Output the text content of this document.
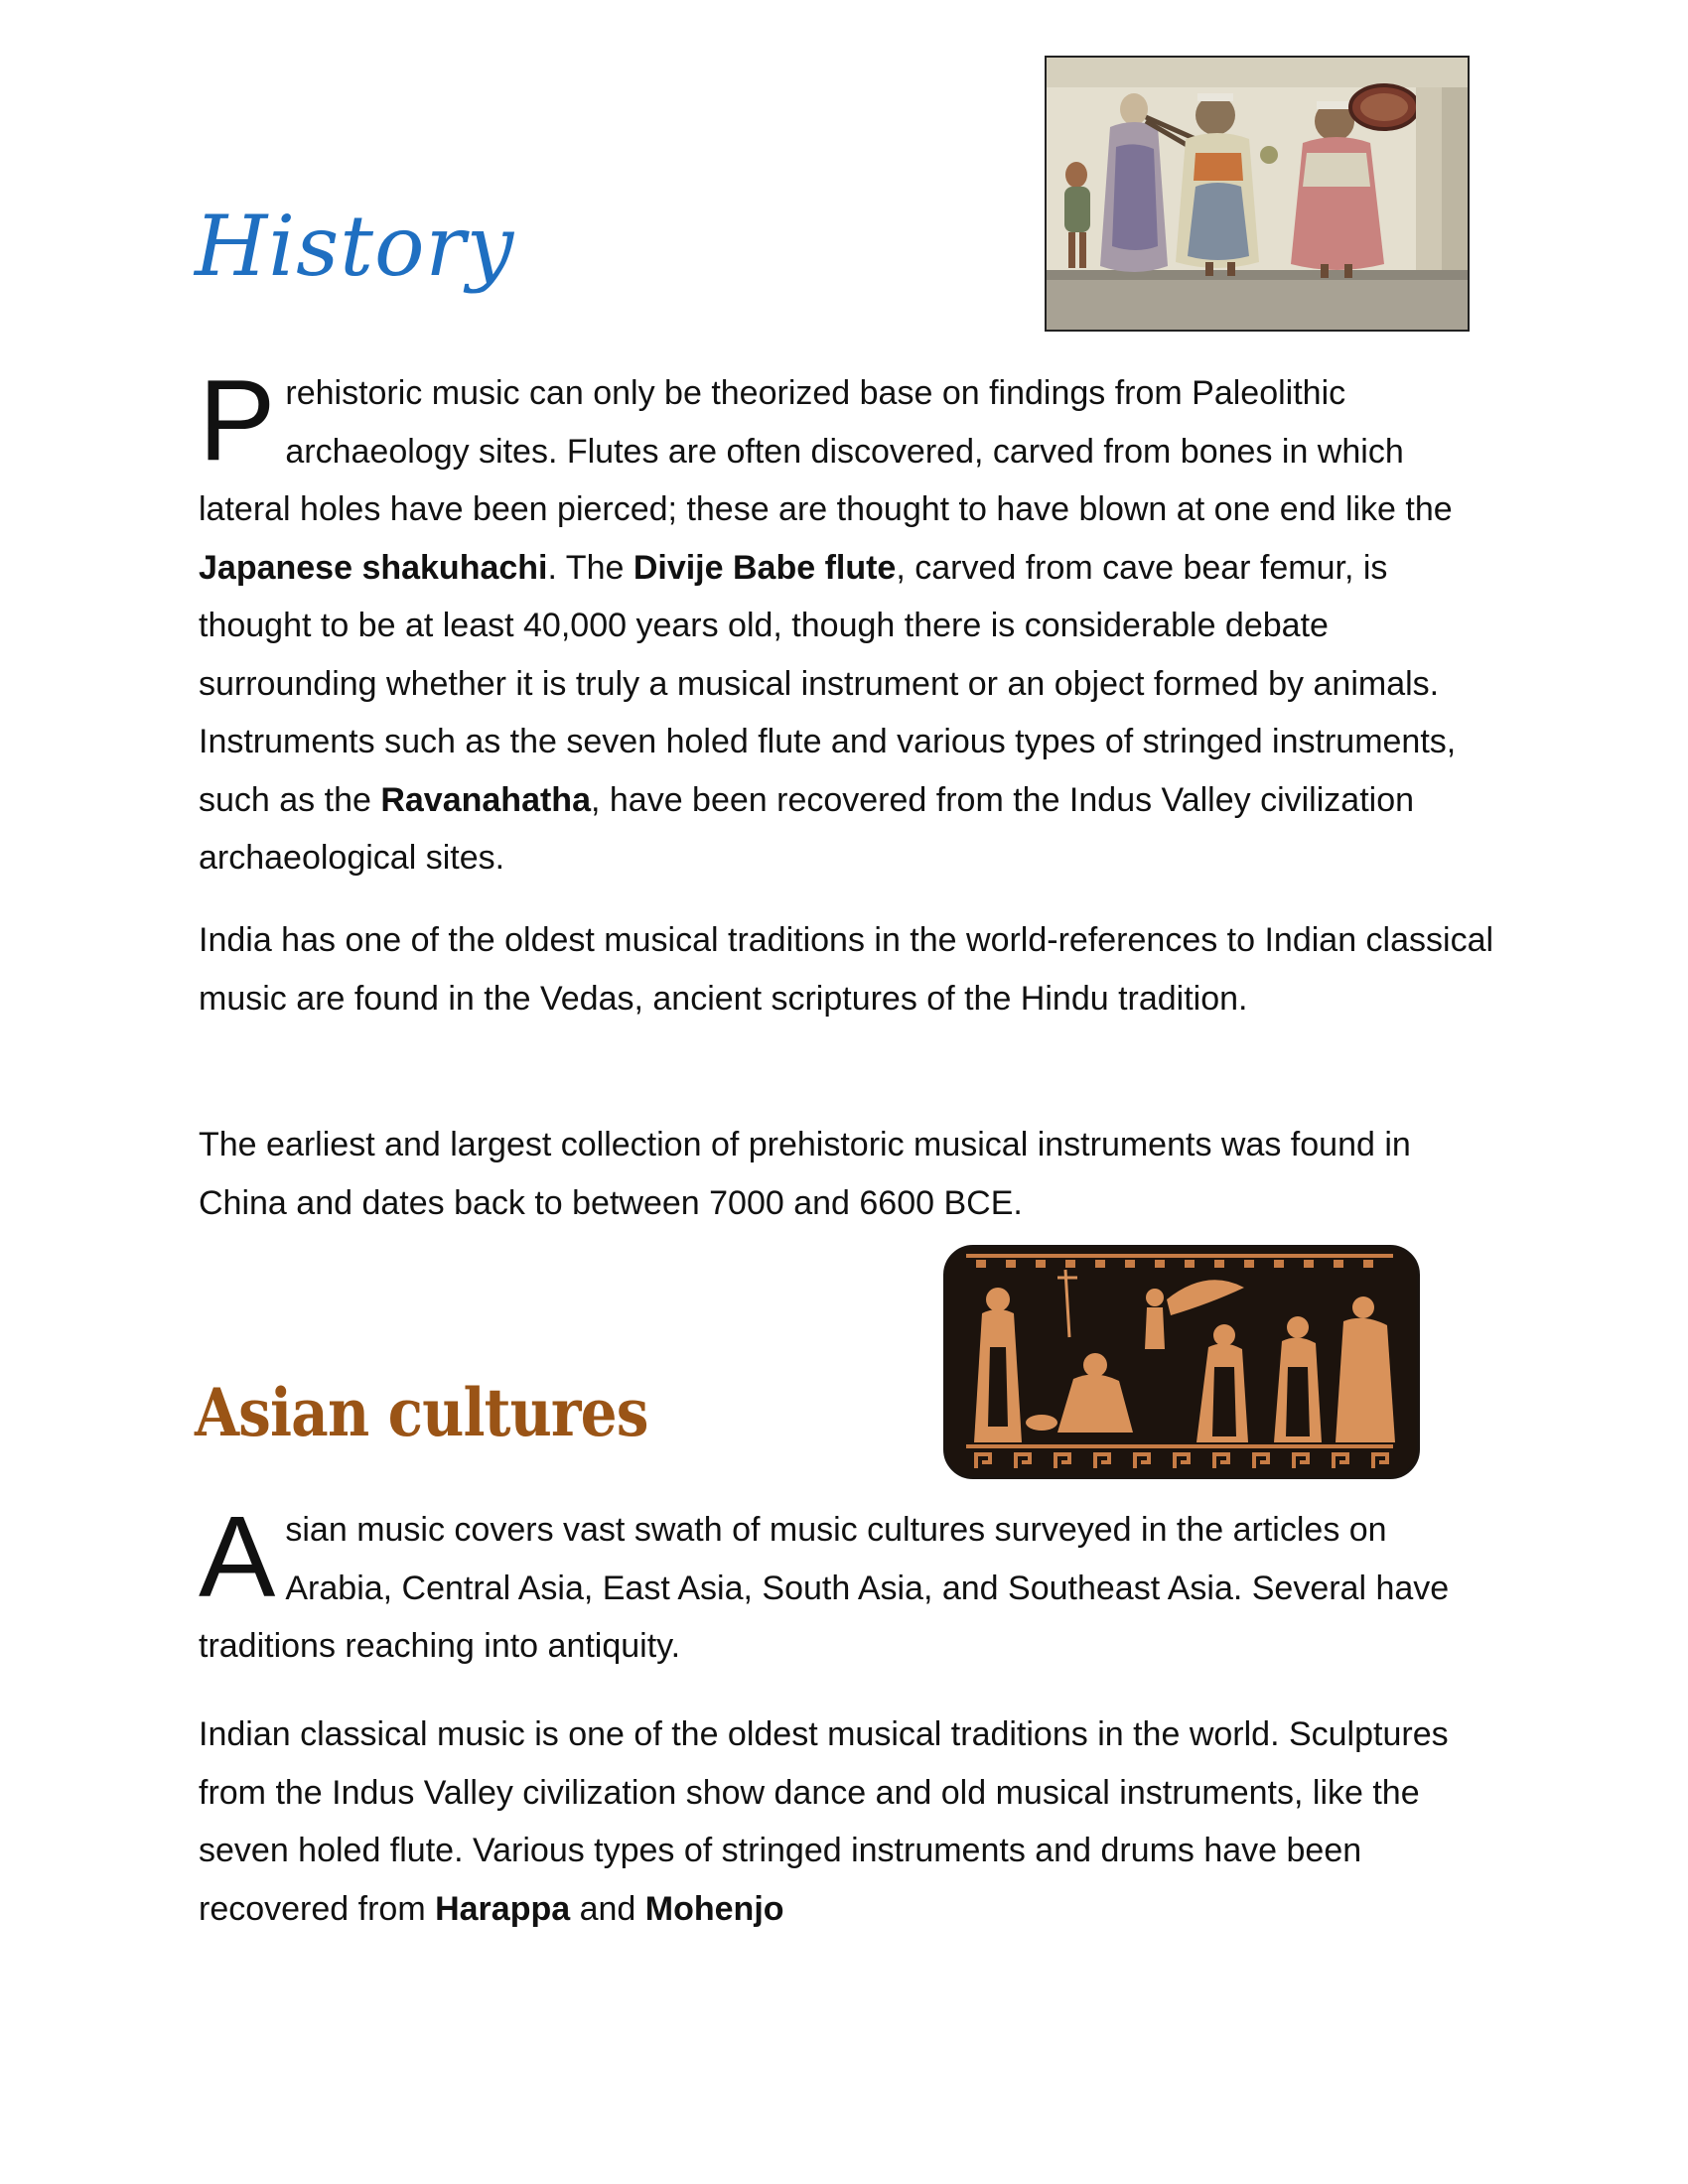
History

Prehistoric music can only be theorized base on findings from Paleolithic archaeology sites. Flutes are often discovered, carved from bones in which lateral holes have been pierced; these are thought to have blown at one end like the Japanese shakuhachi. The Divije Babe flute, carved from cave bear femur, is thought to be at least 40,000 years old, though there is considerable debate surrounding whether it is truly a musical instrument or an object formed by animals. Instruments such as the seven holed flute and various types of stringed instruments, such as the Ravanahatha, have been recovered from the Indus Valley civilization archaeological sites.

India has one of the oldest musical traditions in the world-references to Indian classical music are found in the Vedas, ancient scriptures of the Hindu tradition.

The earliest and largest collection of prehistoric musical instruments was found in China and dates back to between 7000 and 6600 BCE.

Asian cultures

Asian music covers vast swath of music cultures surveyed in the articles on Arabia, Central Asia, East Asia, South Asia, and Southeast Asia. Several have traditions reaching into antiquity.

Indian classical music is one of the oldest musical traditions in the world. Sculptures from the Indus Valley civilization show dance and old musical instruments, like the seven holed flute. Various types of stringed instruments and drums have been recovered from Harappa and Mohenjo
